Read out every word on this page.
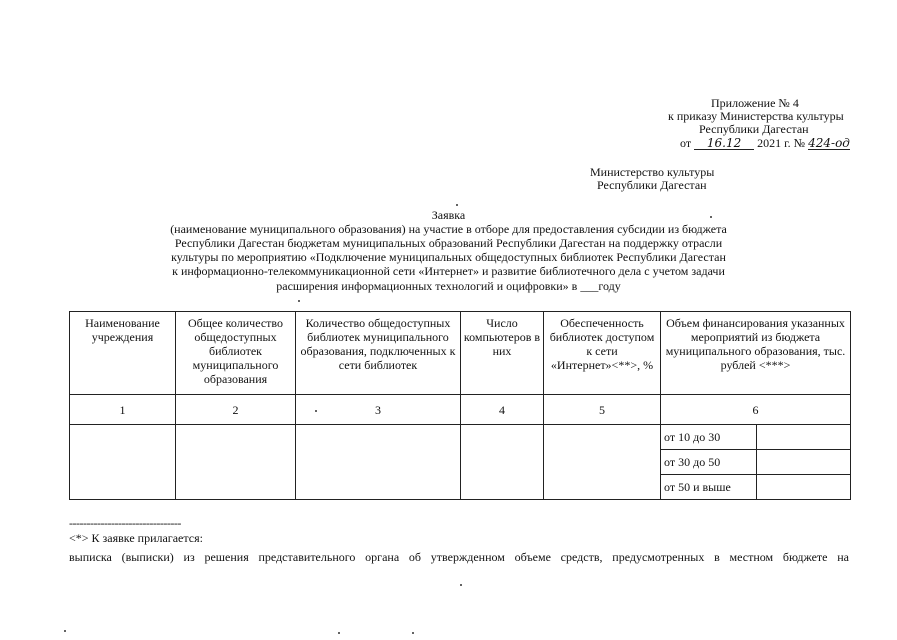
Приложение № 4
к приказу Министерства культуры
Республики Дагестан
от 16.12 2021 г. № 424-од
Министерство культуры
Республики Дагестан
Заявка
(наименование муниципального образования) на участие в отборе для предоставления субсидии из бюджета
Республики Дагестан бюджетам муниципальных образований Республики Дагестан на поддержку отрасли
культуры по мероприятию «Подключение муниципальных общедоступных библиотек Республики Дагестан
к информационно-телекоммуникационной сети «Интернет» и развитие библиотечного дела с учетом задачи
расширения информационных технологий и оцифровки» в ___году
Наименование учреждения	Общее количество общедоступных библиотек муниципального образования	Количество общедоступных библиотек муниципального образования, подключенных к сети библиотек	Число компьютеров в них	Обеспеченность библиотек доступом к сети «Интернет»<**>, %	Объем финансирования указанных мероприятий из бюджета муниципального образования, тыс. рублей <***>	
1	2	3	4	5	6	
					от 10 до 30	
					от 30 до 50	
					от 50 и выше	
--------------------------------
<*> К заявке прилагается:
выписка (выписки) из решения представительного органа об утвержденном объеме средств, предусмотренных в местном бюджете на
